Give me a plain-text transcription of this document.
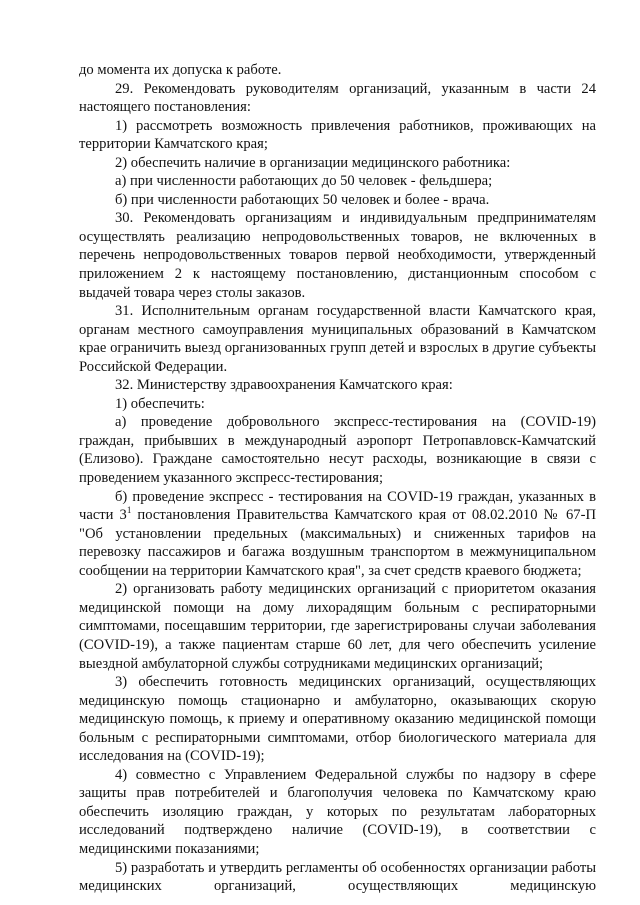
до момента их допуска к работе.

29. Рекомендовать руководителям организаций, указанным в части 24 настоящего постановления:

1) рассмотреть возможность привлечения работников, проживающих на территории Камчатского края;

2) обеспечить наличие в организации медицинского работника:

а) при численности работающих до 50 человек - фельдшера;

б) при численности работающих 50 человек и более - врача.

30. Рекомендовать организациям и индивидуальным предпринимателям осуществлять реализацию непродовольственных товаров, не включенных в перечень непродовольственных товаров первой необходимости, утвержденный приложением 2 к настоящему постановлению, дистанционным способом с выдачей товара через столы заказов.

31. Исполнительным органам государственной власти Камчатского края, органам местного самоуправления муниципальных образований в Камчатском крае ограничить выезд организованных групп детей и взрослых в другие субъекты Российской Федерации.

32. Министерству здравоохранения Камчатского края:

1) обеспечить:

а) проведение добровольного экспресс-тестирования на (COVID-19) граждан, прибывших в международный аэропорт Петропавловск-Камчатский (Елизово). Граждане самостоятельно несут расходы, возникающие в связи с проведением указанного экспресс-тестирования;

б) проведение экспресс - тестирования на COVID-19 граждан, указанных в части $3^1$ постановления Правительства Камчатского края от 08.02.2010 № 67-П "Об установлении предельных (максимальных) и сниженных тарифов на перевозку пассажиров и багажа воздушным транспортом в межмуниципальном сообщении на территории Камчатского края", за счет средств краевого бюджета;

2) организовать работу медицинских организаций с приоритетом оказания медицинской помощи на дому лихорадящим больным с респираторными симптомами, посещавшим территории, где зарегистрированы случаи заболевания (COVID-19), а также пациентам старше 60 лет, для чего обеспечить усиление выездной амбулаторной службы сотрудниками медицинских организаций;

3) обеспечить готовность медицинских организаций, осуществляющих медицинскую помощь стационарно и амбулаторно, оказывающих скорую медицинскую помощь, к приему и оперативному оказанию медицинской помощи больным с респираторными симптомами, отбор биологического материала для исследования на (COVID-19);

4) совместно с Управлением Федеральной службы по надзору в сфере защиты прав потребителей и благополучия человека по Камчатскому краю обеспечить изоляцию граждан, у которых по результатам лабораторных исследований подтверждено наличие (COVID-19), в соответствии с медицинскими показаниями;

5) разработать и утвердить регламенты об особенностях организации работы медицинских организаций, осуществляющих медицинскую
